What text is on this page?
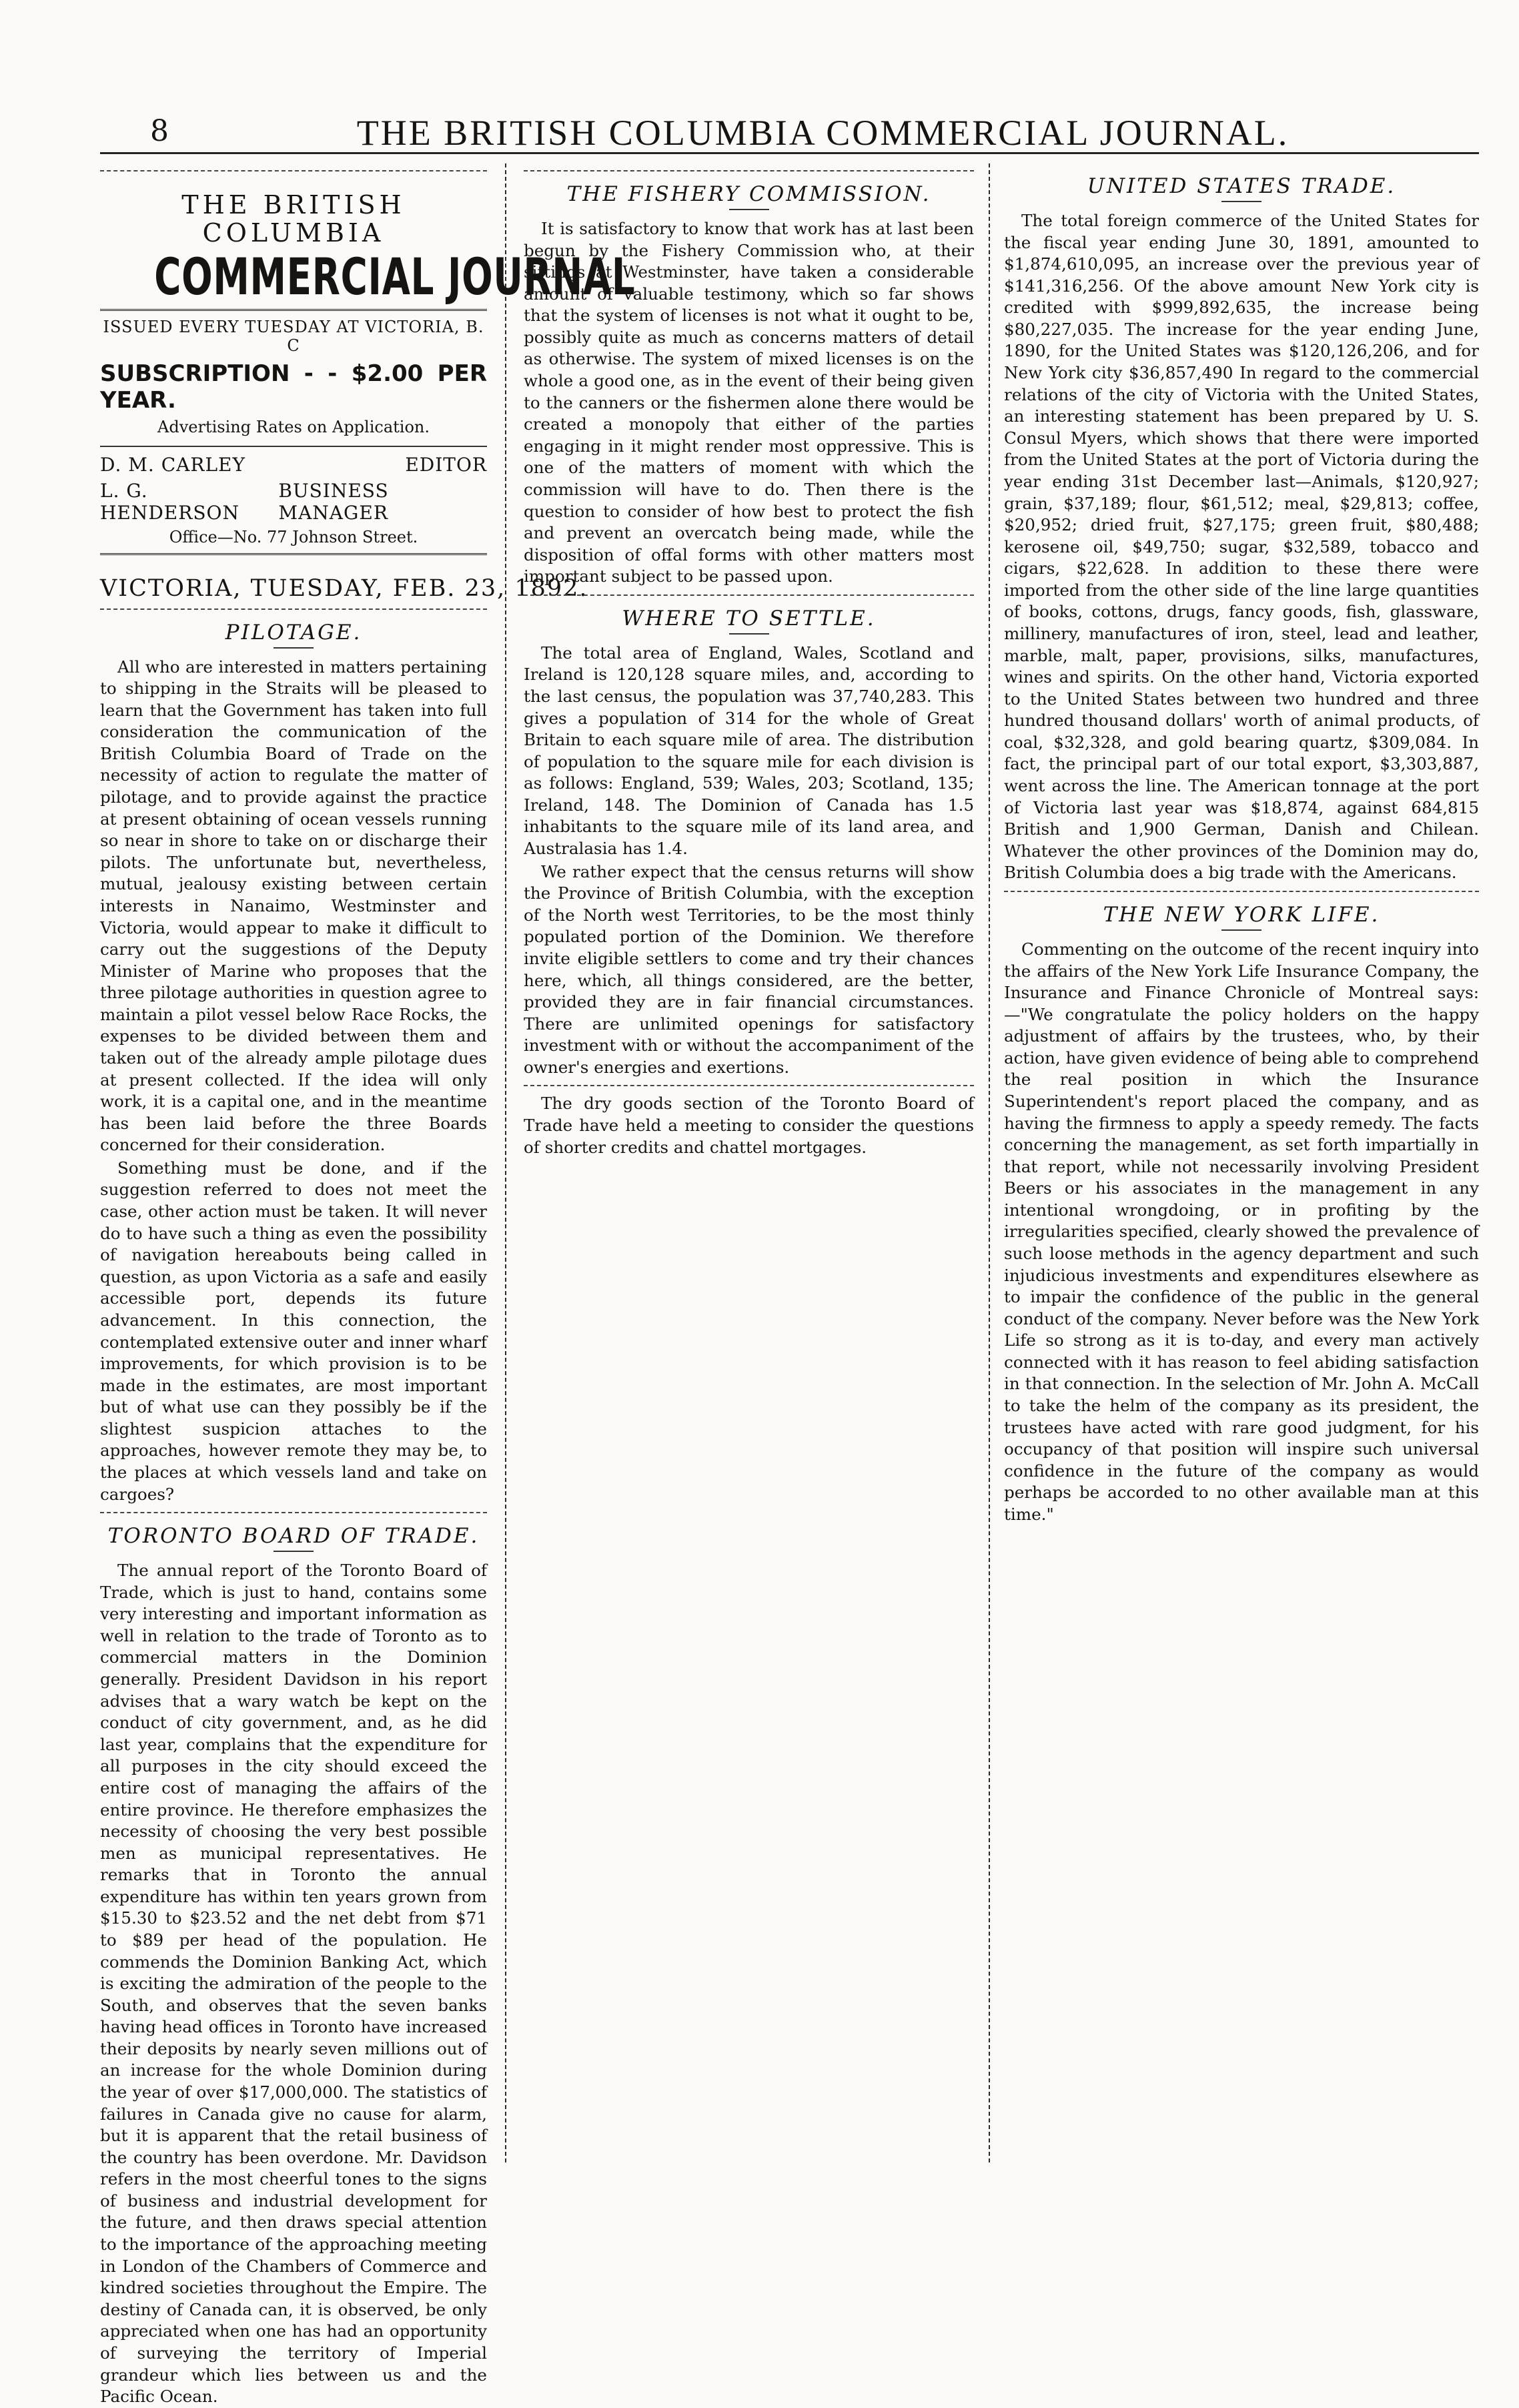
8	THE BRITISH COLUMBIA COMMERCIAL JOURNAL.
THE BRITISH COLUMBIA
COMMERCIAL JOURNAL
ISSUED EVERY TUESDAY AT VICTORIA, B. C
SUBSCRIPTION - - $2.00 PER YEAR.
Advertising Rates on Application.
D. M. CARLEY	EDITOR
L. G. HENDERSON
BUSINESS MANAGER
Office—No. 77 Johnson Street.
VICTORIA, TUESDAY, FEB. 23, 1892.
PILOTAGE.

All who are interested in matters pertaining to shipping in the Straits will be pleased to learn that the Government has taken into full consideration the communication of the British Columbia Board of Trade on the necessity of action to regulate the matter of pilotage, and to provide against the practice at present obtaining of ocean vessels running so near in shore to take on or discharge their pilots. The unfortunate but, nevertheless, mutual, jealousy existing between certain interests in Nanaimo, Westminster and Victoria, would appear to make it difficult to carry out the suggestions of the Deputy Minister of Marine who proposes that the three pilotage authorities in question agree to maintain a pilot vessel below Race Rocks, the expenses to be divided between them and taken out of the already ample pilotage dues at present collected. If the idea will only work, it is a capital one, and in the meantime has been laid before the three Boards concerned for their consideration.

Something must be done, and if the suggestion referred to does not meet the case, other action must be taken. It will never do to have such a thing as even the possibility of navigation hereabouts being called in question, as upon Victoria as a safe and easily accessible port, depends its future advancement. In this connection, the contemplated extensive outer and inner wharf improvements, for which provision is to be made in the estimates, are most important but of what use can they possibly be if the slightest suspicion attaches to the approaches, however remote they may be, to the places at which vessels land and take on cargoes?

TORONTO BOARD OF TRADE.

The annual report of the Toronto Board of Trade, which is just to hand, contains some very interesting and important information as well in relation to the trade of Toronto as to commercial matters in the Dominion generally. President Davidson in his report advises that a wary watch be kept on the conduct of city government, and, as he did last year, complains that the expenditure for all purposes in the city should exceed the entire cost of managing the affairs of the entire province. He therefore emphasizes the necessity of choosing the very best possible men as municipal representatives. He remarks that in Toronto the annual expenditure has within ten years grown from $15.30 to $23.52 and the net debt from $71 to $89 per head of the population. He commends the Dominion Banking Act, which is exciting the admiration of the people to the South, and observes that the seven banks having head offices in Toronto have increased their deposits by nearly seven millions out of an increase for the whole Dominion during the year of over $17,000,000. The statistics of failures in Canada give no cause for alarm, but it is apparent that the retail business of the country has been overdone. Mr. Davidson refers in the most cheerful tones to the signs of business and industrial development for the future, and then draws special attention to the importance of the approaching meeting in London of the Chambers of Commerce and kindred societies throughout the Empire. The destiny of Canada can, it is observed, be only appreciated when one has had an opportunity of surveying the territory of Imperial grandeur which lies between us and the Pacific Ocean.

THE FISHERY COMMISSION.

It is satisfactory to know that work has at last been begun by the Fishery Commission who, at their sittings at Westminster, have taken a considerable amount of valuable testimony, which so far shows that the system of licenses is not what it ought to be, possibly quite as much as concerns matters of detail as otherwise. The system of mixed licenses is on the whole a good one, as in the event of their being given to the canners or the fishermen alone there would be created a monopoly that either of the parties engaging in it might render most oppressive. This is one of the matters of moment with which the commission will have to do. Then there is the question to consider of how best to protect the fish and prevent an overcatch being made, while the disposition of offal forms with other matters most important subject to be passed upon.

WHERE TO SETTLE.

The total area of England, Wales, Scotland and Ireland is 120,128 square miles, and, according to the last census, the population was 37,740,283. This gives a population of 314 for the whole of Great Britain to each square mile of area. The distribution of population to the square mile for each division is as follows: England, 539; Wales, 203; Scotland, 135; Ireland, 148. The Dominion of Canada has 1.5 inhabitants to the square mile of its land area, and Australasia has 1.4.

We rather expect that the census returns will show the Province of British Columbia, with the exception of the North west Territories, to be the most thinly populated portion of the Dominion. We therefore invite eligible settlers to come and try their chances here, which, all things considered, are the better, provided they are in fair financial circumstances. There are unlimited openings for satisfactory investment with or without the accompaniment of the owner's energies and exertions.

The dry goods section of the Toronto Board of Trade have held a meeting to consider the questions of shorter credits and chattel mortgages.

UNITED STATES TRADE.

The total foreign commerce of the United States for the fiscal year ending June 30, 1891, amounted to $1,874,610,095, an increase over the previous year of $141,316,256. Of the above amount New York city is credited with $999,892,635, the increase being $80,227,035. The increase for the year ending June, 1890, for the United States was $120,126,206, and for New York city $36,857,490 In regard to the commercial relations of the city of Victoria with the United States, an interesting statement has been prepared by U. S. Consul Myers, which shows that there were imported from the United States at the port of Victoria during the year ending 31st December last—Animals, $120,927; grain, $37,189; flour, $61,512; meal, $29,813; coffee, $20,952; dried fruit, $27,175; green fruit, $80,488; kerosene oil, $49,750; sugar, $32,589, tobacco and cigars, $22,628. In addition to these there were imported from the other side of the line large quantities of books, cottons, drugs, fancy goods, fish, glassware, millinery, manufactures of iron, steel, lead and leather, marble, malt, paper, provisions, silks, manufactures, wines and spirits. On the other hand, Victoria exported to the United States between two hundred and three hundred thousand dollars' worth of animal products, of coal, $32,328, and gold bearing quartz, $309,084. In fact, the principal part of our total export, $3,303,887, went across the line. The American tonnage at the port of Victoria last year was $18,874, against 684,815 British and 1,900 German, Danish and Chilean. Whatever the other provinces of the Dominion may do, British Columbia does a big trade with the Americans.

THE NEW YORK LIFE.

Commenting on the outcome of the recent inquiry into the affairs of the New York Life Insurance Company, the Insurance and Finance Chronicle of Montreal says:—"We congratulate the policy holders on the happy adjustment of affairs by the trustees, who, by their action, have given evidence of being able to comprehend the real position in which the Insurance Superintendent's report placed the company, and as having the firmness to apply a speedy remedy. The facts concerning the management, as set forth impartially in that report, while not necessarily involving President Beers or his associates in the management in any intentional wrongdoing, or in profiting by the irregularities specified, clearly showed the prevalence of such loose methods in the agency department and such injudicious investments and expenditures elsewhere as to impair the confidence of the public in the general conduct of the company. Never before was the New York Life so strong as it is to-day, and every man actively connected with it has reason to feel abiding satisfaction in that connection. In the selection of Mr. John A. McCall to take the helm of the company as its president, the trustees have acted with rare good judgment, for his occupancy of that position will inspire such universal confidence in the future of the company as would perhaps be accorded to no other available man at this time."
